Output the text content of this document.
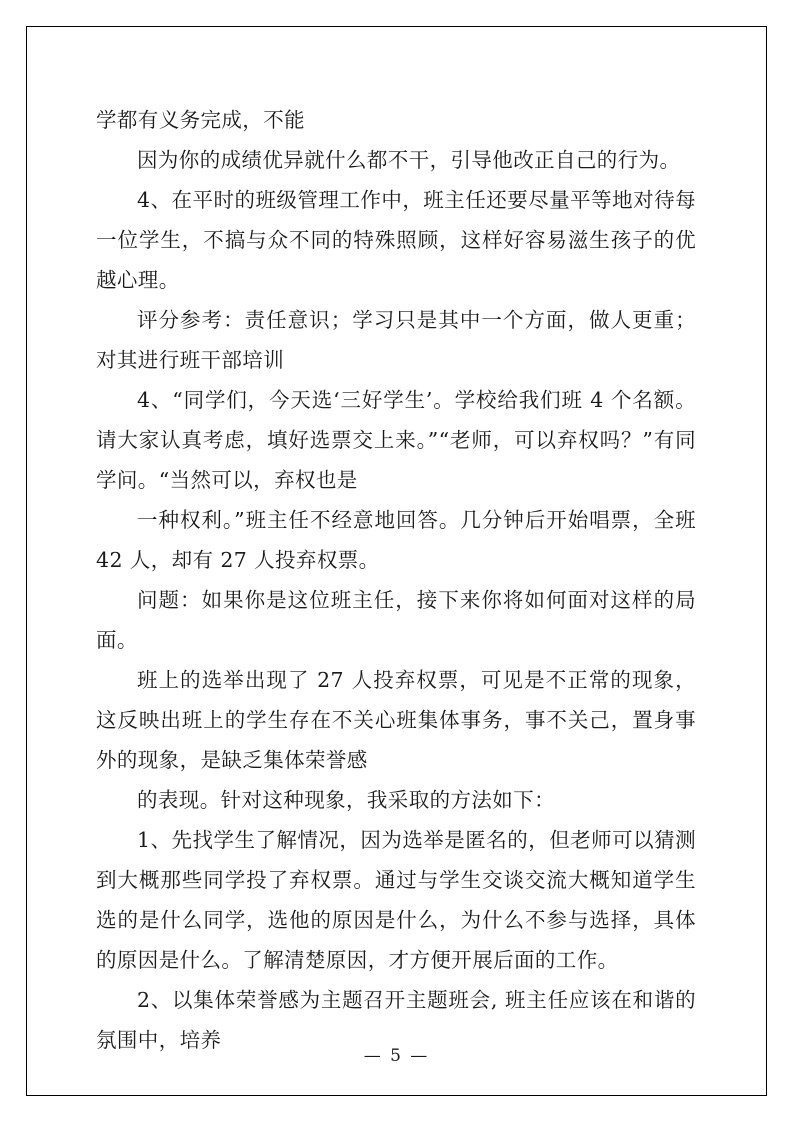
学都有义务完成，不能

因为你的成绩优异就什么都不干，引导他改正自己的行为。

4、在平时的班级管理工作中，班主任还要尽量平等地对待每一位学生，不搞与众不同的特殊照顾，这样好容易滋生孩子的优越心理。

评分参考：责任意识；学习只是其中一个方面，做人更重；对其进行班干部培训

4、“同学们，今天选‘三好学生’。学校给我们班 4 个名额。请大家认真考虑，填好选票交上来。”“老师，可以弃权吗？”有同学问。“当然可以，弃权也是

一种权利。”班主任不经意地回答。几分钟后开始唱票，全班 42 人，却有 27 人投弃权票。

问题：如果你是这位班主任，接下来你将如何面对这样的局面。

班上的选举出现了 27 人投弃权票，可见是不正常的现象，这反映出班上的学生存在不关心班集体事务，事不关己，置身事外的现象，是缺乏集体荣誉感

的表现。针对这种现象，我采取的方法如下：

1、先找学生了解情况，因为选举是匿名的，但老师可以猜测到大概那些同学投了弃权票。通过与学生交谈交流大概知道学生选的是什么同学，选他的原因是什么，为什么不参与选择，具体的原因是什么。了解清楚原因，才方便开展后面的工作。

2、以集体荣誉感为主题召开主题班会, 班主任应该在和谐的氛围中，培养

— 5 —
